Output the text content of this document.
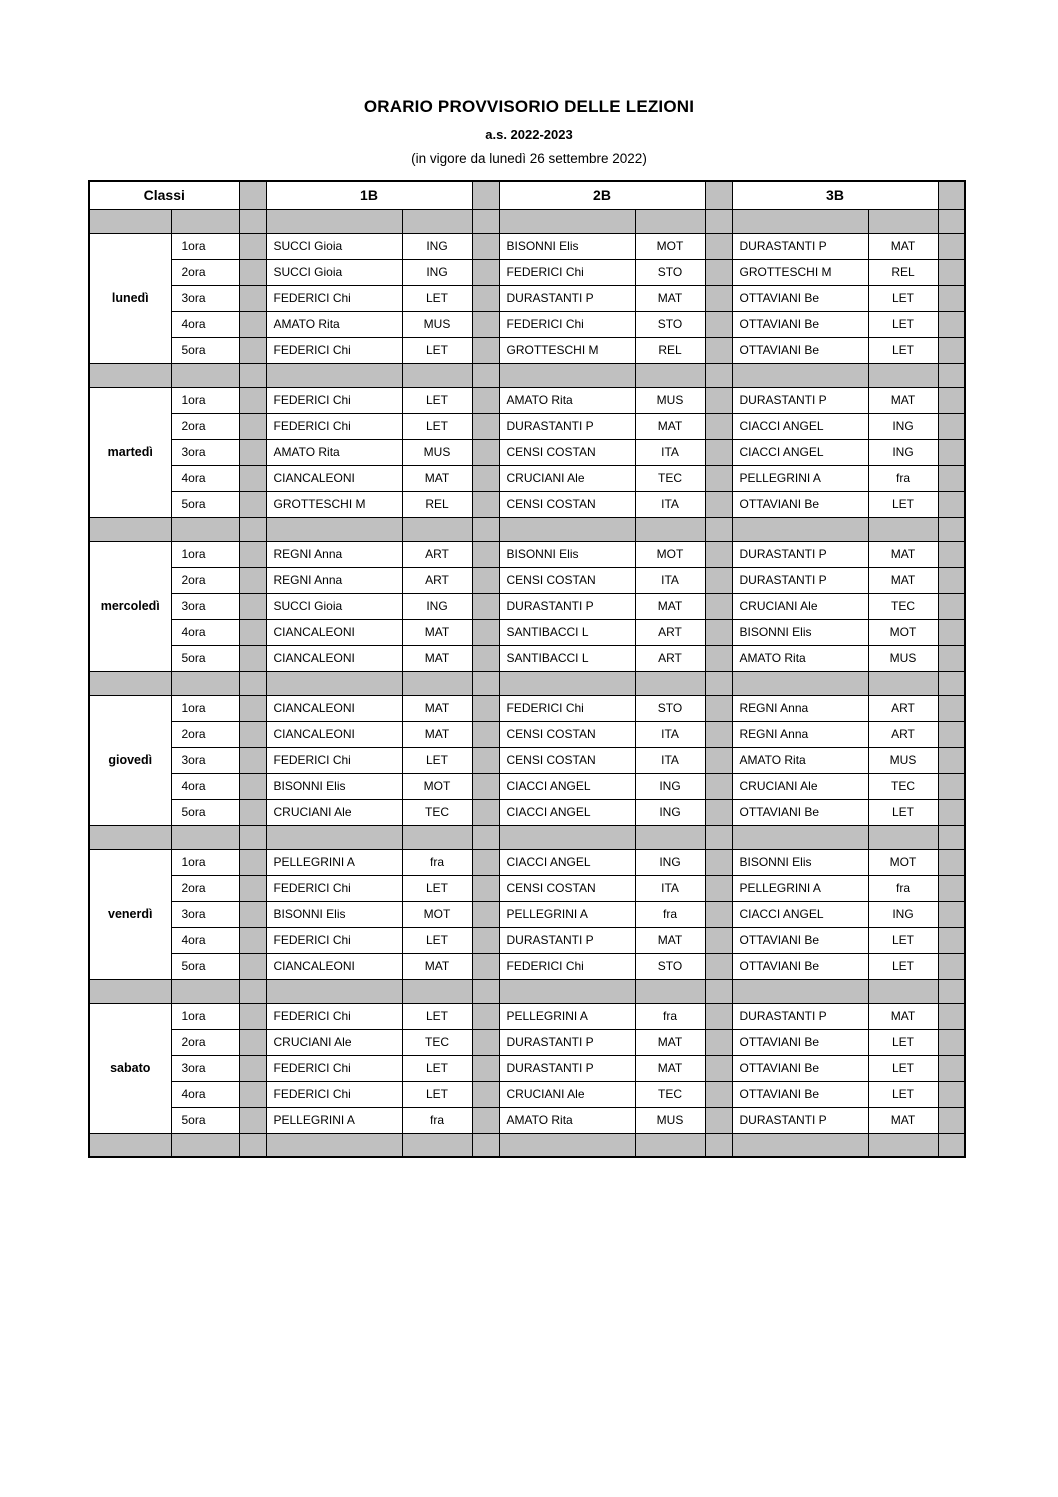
ORARIO PROVVISORIO DELLE LEZIONI
a.s. 2022-2023
(in vigore da lunedì 26 settembre 2022)
Classi			1B			2B			3B		

lunedì	1ora		SUCCI Gioia	ING		BISONNI Elis	MOT		DURASTANTI P	MAT	
	2ora		SUCCI Gioia	ING		FEDERICI Chi	STO		GROTTESCHI M	REL	
	3ora		FEDERICI Chi	LET		DURASTANTI P	MAT		OTTAVIANI Be	LET	
	4ora		AMATO Rita	MUS		FEDERICI Chi	STO		OTTAVIANI Be	LET	
	5ora		FEDERICI Chi	LET		GROTTESCHI M	REL		OTTAVIANI Be	LET	

martedì	1ora		FEDERICI Chi	LET		AMATO Rita	MUS		DURASTANTI P	MAT	
	2ora		FEDERICI Chi	LET		DURASTANTI P	MAT		CIACCI ANGEL	ING	
	3ora		AMATO Rita	MUS		CENSI COSTAN	ITA		CIACCI ANGEL	ING	
	4ora		CIANCALEONI	MAT		CRUCIANI Ale	TEC		PELLEGRINI A	fra	
	5ora		GROTTESCHI M	REL		CENSI COSTAN	ITA		OTTAVIANI Be	LET	

mercoledì	1ora		REGNI Anna	ART		BISONNI Elis	MOT		DURASTANTI P	MAT	
	2ora		REGNI Anna	ART		CENSI COSTAN	ITA		DURASTANTI P	MAT	
	3ora		SUCCI Gioia	ING		DURASTANTI P	MAT		CRUCIANI Ale	TEC	
	4ora		CIANCALEONI	MAT		SANTIBACCI L	ART		BISONNI Elis	MOT	
	5ora		CIANCALEONI	MAT		SANTIBACCI L	ART		AMATO Rita	MUS	

giovedì	1ora		CIANCALEONI	MAT		FEDERICI Chi	STO		REGNI Anna	ART	
	2ora		CIANCALEONI	MAT		CENSI COSTAN	ITA		REGNI Anna	ART	
	3ora		FEDERICI Chi	LET		CENSI COSTAN	ITA		AMATO Rita	MUS	
	4ora		BISONNI Elis	MOT		CIACCI ANGEL	ING		CRUCIANI Ale	TEC	
	5ora		CRUCIANI Ale	TEC		CIACCI ANGEL	ING		OTTAVIANI Be	LET	

venerdì	1ora		PELLEGRINI A	fra		CIACCI ANGEL	ING		BISONNI Elis	MOT	
	2ora		FEDERICI Chi	LET		CENSI COSTAN	ITA		PELLEGRINI A	fra	
	3ora		BISONNI Elis	MOT		PELLEGRINI A	fra		CIACCI ANGEL	ING	
	4ora		FEDERICI Chi	LET		DURASTANTI P	MAT		OTTAVIANI Be	LET	
	5ora		CIANCALEONI	MAT		FEDERICI Chi	STO		OTTAVIANI Be	LET	

sabato	1ora		FEDERICI Chi	LET		PELLEGRINI A	fra		DURASTANTI P	MAT	
	2ora		CRUCIANI Ale	TEC		DURASTANTI P	MAT		OTTAVIANI Be	LET	
	3ora		FEDERICI Chi	LET		DURASTANTI P	MAT		OTTAVIANI Be	LET	
	4ora		FEDERICI Chi	LET		CRUCIANI Ale	TEC		OTTAVIANI Be	LET	
	5ora		PELLEGRINI A	fra		AMATO Rita	MUS		DURASTANTI P	MAT	
